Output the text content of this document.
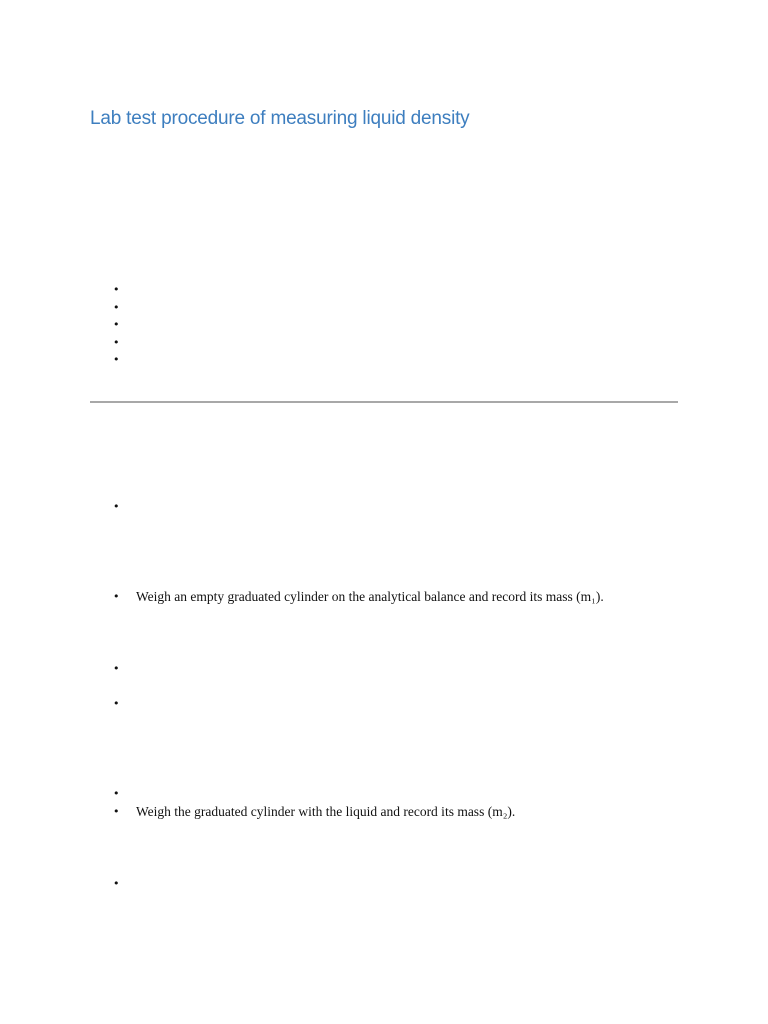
Lab test procedure of measuring liquid density
•
•
•
•
•
•
• Weigh an empty graduated cylinder on the analytical balance and record its mass (m₁).
•
•
•
• Weigh the graduated cylinder with the liquid and record its mass (m₂).
•
